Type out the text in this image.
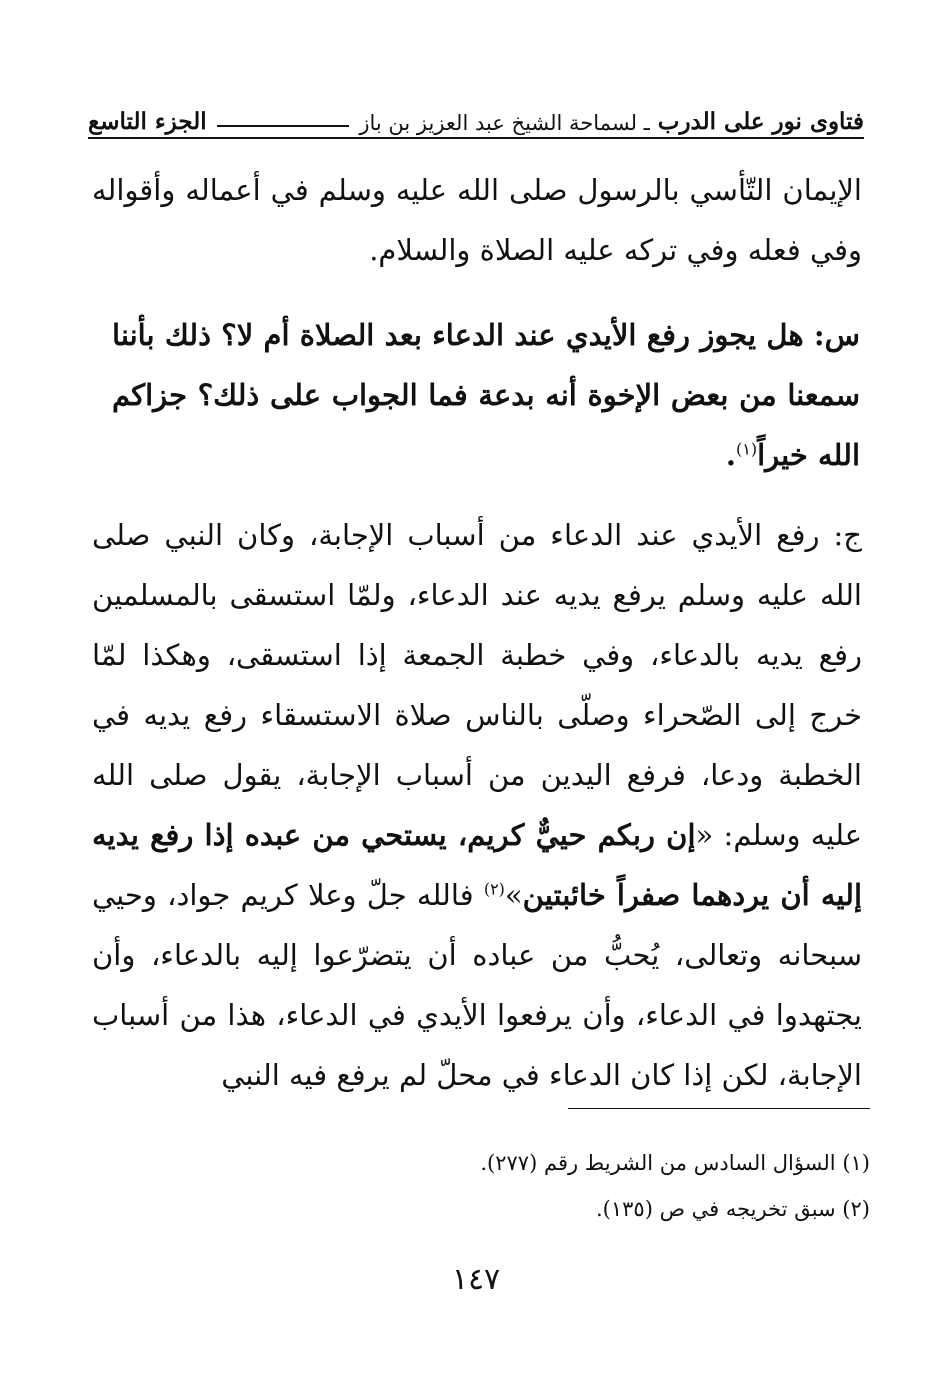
فتاوى نور على الدرب
ـ لسماحة الشيخ عبد العزيز بن باز
الجزء التاسع

الإيمان التّأسي بالرسول صلى الله عليه وسلم في أعماله وأقواله وفي فعله وفي تركه عليه الصلاة والسلام.

س: هل يجوز رفع الأيدي عند الدعاء بعد الصلاة أم لا؟ ذلك بأننا سمعنا من بعض الإخوة أنه بدعة فما الجواب على ذلك؟ جزاكم الله خيراً$^{(١)}$.

ج: رفع الأيدي عند الدعاء من أسباب الإجابة، وكان النبي صلى الله عليه وسلم يرفع يديه عند الدعاء، ولمّا استسقى بالمسلمين رفع يديه بالدعاء، وفي خطبة الجمعة إذا استسقى، وهكذا لمّا خرج إلى الصّحراء وصلّى بالناس صلاة الاستسقاء رفع يديه في الخطبة ودعا، فرفع اليدين من أسباب الإجابة، يقول صلى الله عليه وسلم: «إن ربكم حييٌّ كريم، يستحي من عبده إذا رفع يديه إليه أن يردهما صفراً خائبتين»$^{(٢)}$ فالله جلّ وعلا كريم جواد، وحيي سبحانه وتعالى، يُحبُّ من عباده أن يتضرّعوا إليه بالدعاء، وأن يجتهدوا في الدعاء، وأن يرفعوا الأيدي في الدعاء، هذا من أسباب الإجابة، لكن إذا كان الدعاء في محلّ لم يرفع فيه النبي

(١) السؤال السادس من الشريط رقم (٢٧٧).
(٢) سبق تخريجه في ص (١٣٥).
١٤٧
